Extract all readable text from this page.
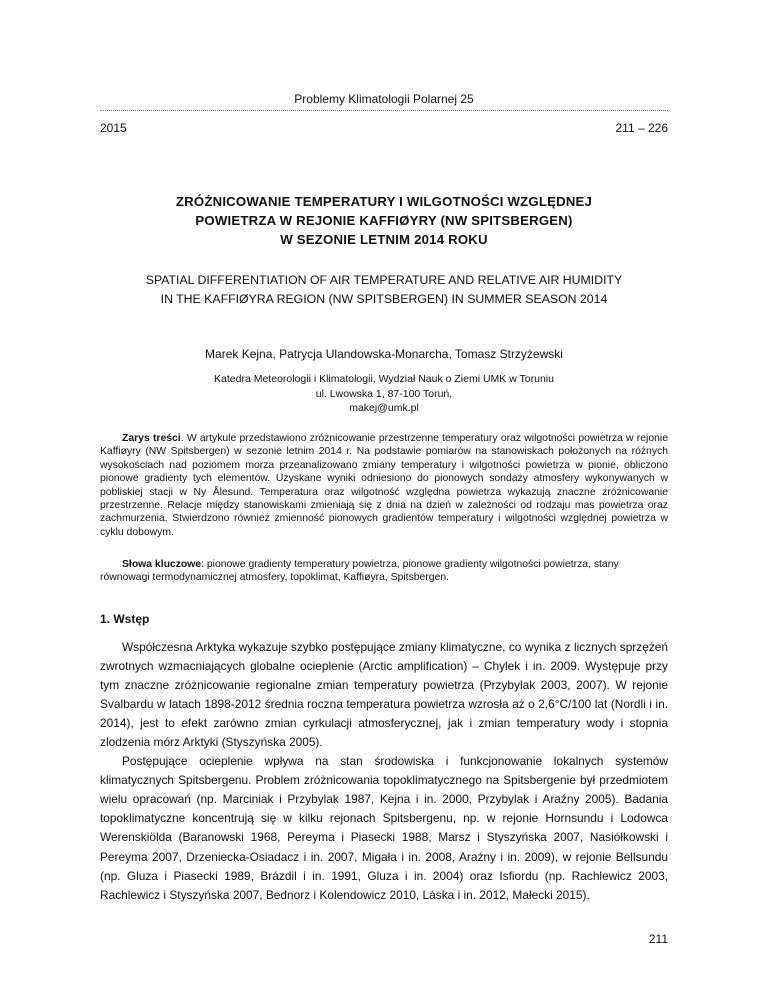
Problemy Klimatologii Polarnej 25
2015	211 – 226
ZRÓŻNICOWANIE TEMPERATURY I WILGOTNOŚCI WZGLĘDNEJ
POWIETRZA W REJONIE KAFFIØYRY (NW SPITSBERGEN)
W SEZONIE LETNIM 2014 ROKU
SPATIAL DIFFERENTIATION OF AIR TEMPERATURE AND RELATIVE AIR HUMIDITY
IN THE KAFFIØYRA REGION (NW SPITSBERGEN) IN SUMMER SEASON 2014
Marek Kejna, Patrycja Ulandowska-Monarcha, Tomasz Strzyżewski
Katedra Meteorologii i Klimatologii, Wydział Nauk o Ziemi UMK w Toruniu
ul. Lwowska 1, 87-100 Toruń,
makej@umk.pl
Zarys treści. W artykule przedstawiono zróżnicowanie przestrzenne temperatury oraz wilgotności powietrza w rejonie Kaffiøyry (NW Spitsbergen) w sezonie letnim 2014 r. Na podstawie pomiarów na stanowiskach położonych na różnych wysokościach nad poziomem morza przeanalizowano zmiany temperatury i wilgotności powietrza w pionie, obliczono pionowe gradienty tych elementów. Uzyskane wyniki odniesiono do pionowych sondaży atmosfery wykonywanych w pobliskiej stacji w Ny Ålesund. Temperatura oraz wilgotność względna powietrza wykazują znaczne zróżnicowanie przestrzenne. Relacje między stanowiskami zmieniają się z dnia na dzień w zależności od rodzaju mas powietrza oraz zachmurzenia. Stwierdzono również zmienność pionowych gradientów temperatury i wilgotności względnej powietrza w cyklu dobowym.
Słowa kluczowe: pionowe gradienty temperatury powietrza, pionowe gradienty wilgotności powietrza, stany równowagi termodynamicznej atmosfery, topoklimat, Kaffiøyra, Spitsbergen.
1. Wstęp

Współczesna Arktyka wykazuje szybko postępujące zmiany klimatyczne, co wynika z licznych sprzężeń zwrotnych wzmacniających globalne ocieplenie (Arctic amplification) – Chylek i in. 2009. Występuje przy tym znaczne zróżnicowanie regionalne zmian temperatury powietrza (Przybylak 2003, 2007). W rejonie Svalbardu w latach 1898-2012 średnia roczna temperatura powietrza wzrosła aż o 2,6°C/100 lat (Nordli i in. 2014), jest to efekt zarówno zmian cyrkulacji atmosferycznej, jak i zmian temperatury wody i stopnia zlodzenia mórz Arktyki (Styszyńska 2005).

Postępujące ocieplenie wpływa na stan środowiska i funkcjonowanie lokalnych systemów klimatycznych Spitsbergenu. Problem zróżnicowania topoklimatycznego na Spitsbergenie był przedmiotem wielu opracowań (np. Marciniak i Przybylak 1987, Kejna i in. 2000, Przybylak i Araźny 2005). Badania topoklimatyczne koncentrują się w kilku rejonach Spitsbergenu, np. w rejonie Hornsundu i Lodowca Werenskiölda (Baranowski 1968, Pereyma i Piasecki 1988, Marsz i Styszyńska 2007, Nasiółkowski i Pereyma 2007, Drzeniecka-Osiadacz i in. 2007, Migała i in. 2008, Araźny i in. 2009), w rejonie Bellsundu (np. Gluza i Piasecki 1989, Brázdil i in. 1991, Gluza i in. 2004) oraz Isfiordu (np. Rachlewicz 2003, Rachlewicz i Styszyńska 2007, Bednorz i Kolendowicz 2010, Láska i in. 2012, Małecki 2015).

211
